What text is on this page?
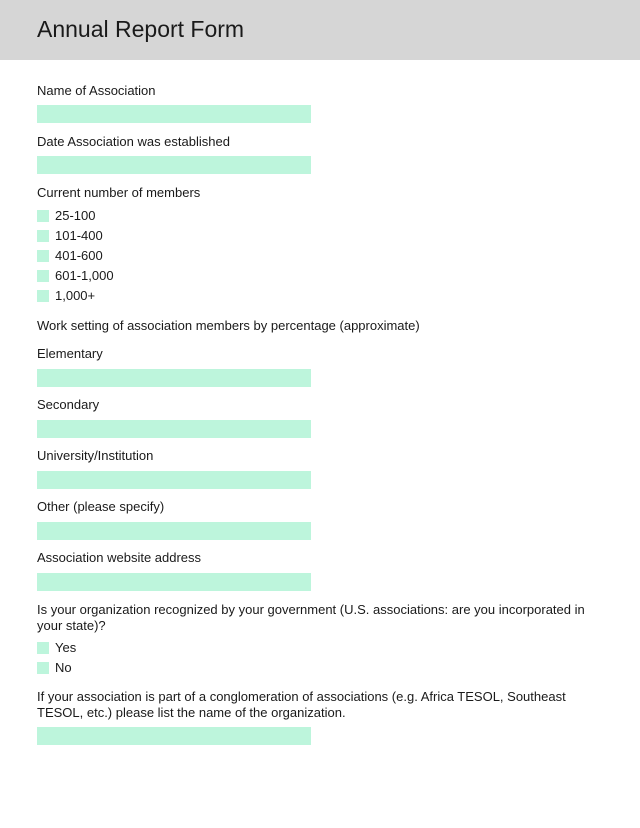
Annual Report Form
Name of Association
Date Association was established
Current number of members
25-100
101-400
401-600
601-1,000
1,000+
Work setting of association members by percentage (approximate)
Elementary
Secondary
University/Institution
Other (please specify)
Association website address
Is your organization recognized by your government (U.S. associations: are you incorporated in your state)?
Yes
No
If your association is part of a conglomeration of associations (e.g. Africa TESOL, Southeast TESOL, etc.) please list the name of the organization.
